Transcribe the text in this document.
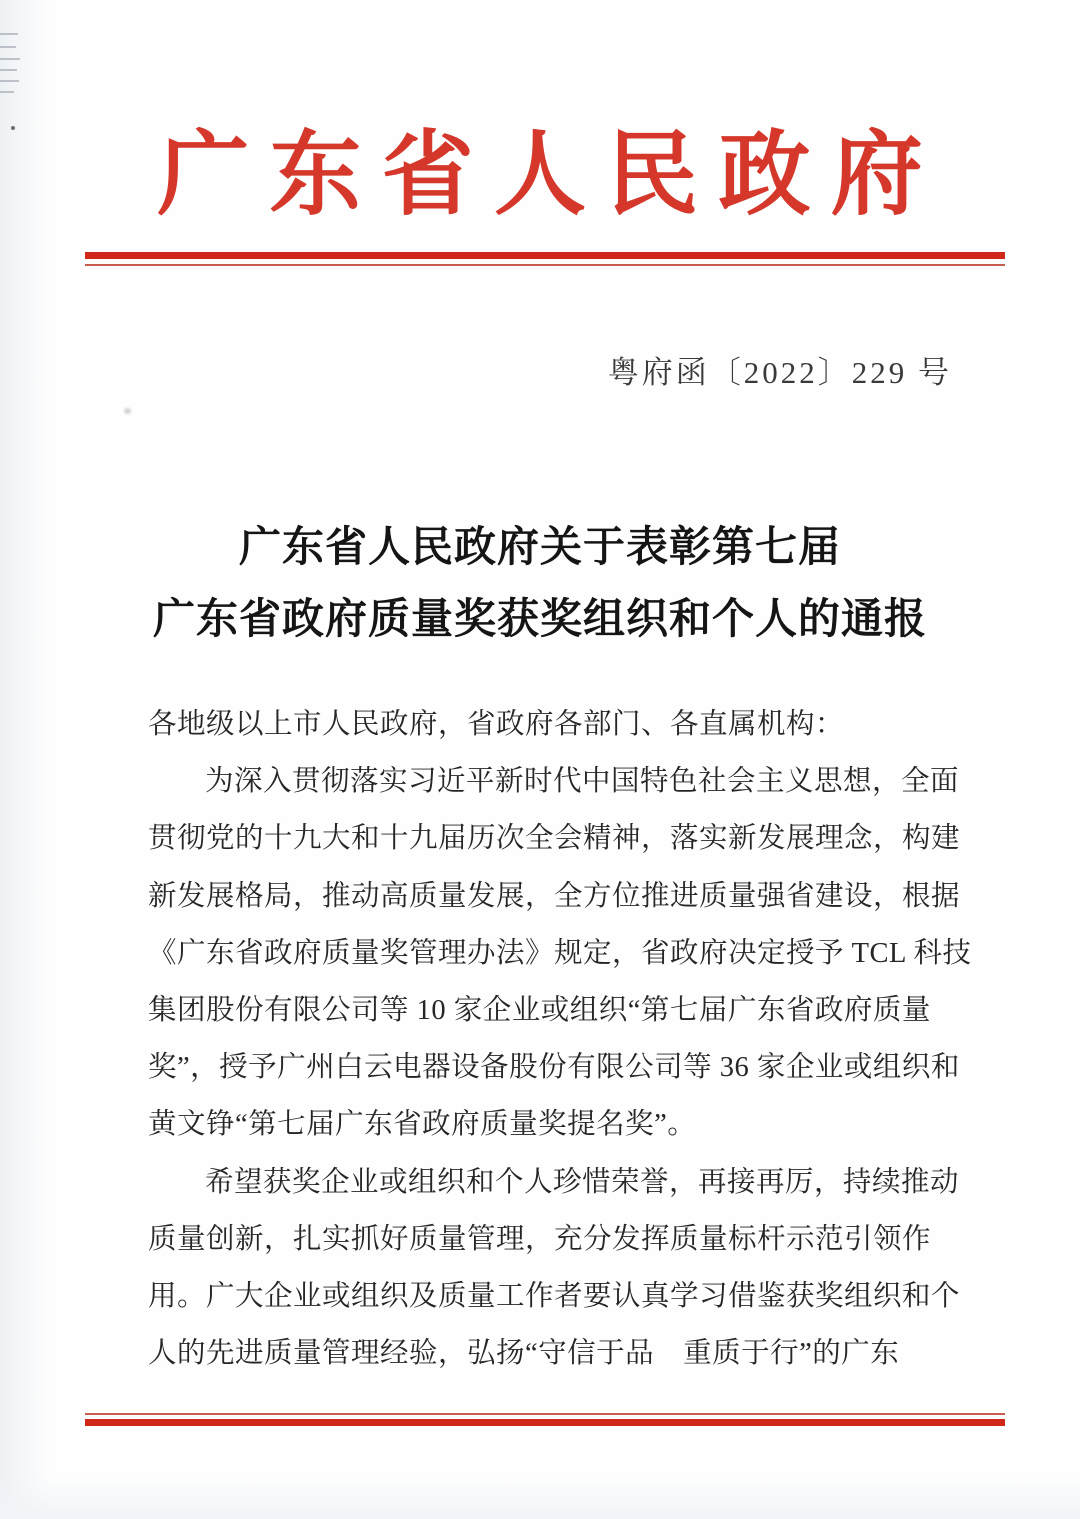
广东省人民政府
粤府函〔2022〕229 号
广东省人民政府关于表彰第七届
广东省政府质量奖获奖组织和个人的通报
各地级以上市人民政府，省政府各部门、各直属机构：
为深入贯彻落实习近平新时代中国特色社会主义思想，全面
贯彻党的十九大和十九届历次全会精神，落实新发展理念，构建
新发展格局，推动高质量发展，全方位推进质量强省建设，根据
《广东省政府质量奖管理办法》规定，省政府决定授予 TCL 科技
集团股份有限公司等 10 家企业或组织“第七届广东省政府质量
奖”，授予广州白云电器设备股份有限公司等 36 家企业或组织和
黄文铮“第七届广东省政府质量奖提名奖”。
希望获奖企业或组织和个人珍惜荣誉，再接再厉，持续推动
质量创新，扎实抓好质量管理，充分发挥质量标杆示范引领作
用。广大企业或组织及质量工作者要认真学习借鉴获奖组织和个
人的先进质量管理经验，弘扬“守信于品　重质于行”的广东
